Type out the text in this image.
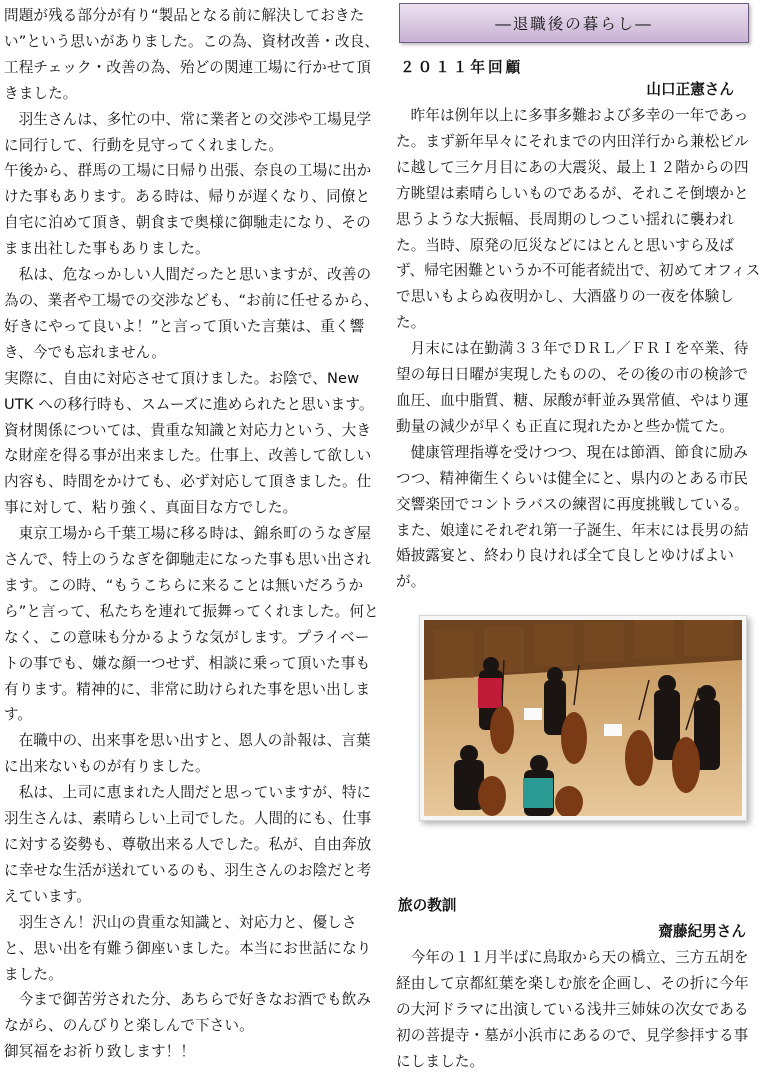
問題が残る部分が有り“製品となる前に解決しておきたい”という思いがありました。この為、資材改善・改良、工程チェック・改善の為、殆どの関連工場に行かせて頂きました。

羽生さんは、多忙の中、常に業者との交渉や工場見学に同行して、行動を見守ってくれました。

午後から、群馬の工場に日帰り出張、奈良の工場に出かけた事もあります。ある時は、帰りが遅くなり、同僚と自宅に泊めて頂き、朝食まで奥様に御馳走になり、そのまま出社した事もありました。

私は、危なっかしい人間だったと思いますが、改善の為の、業者や工場での交渉なども、“お前に任せるから、好きにやって良いよ！”と言って頂いた言葉は、重く響き、今でも忘れません。

実際に、自由に対応させて頂けました。お陰で、New UTK への移行時も、スムーズに進められたと思います。資材関係については、貴重な知識と対応力という、大きな財産を得る事が出来ました。仕事上、改善して欲しい内容も、時間をかけても、必ず対応して頂きました。仕事に対して、粘り強く、真面目な方でした。

東京工場から千葉工場に移る時は、錦糸町のうなぎ屋さんで、特上のうなぎを御馳走になった事も思い出されます。この時、“もうこちらに来ることは無いだろうから”と言って、私たちを連れて振舞ってくれました。何となく、この意味も分かるような気がします。プライベートの事でも、嫌な顔一つせず、相談に乗って頂いた事も有ります。精神的に、非常に助けられた事を思い出します。

在職中の、出来事を思い出すと、恩人の訃報は、言葉に出来ないものが有りました。

私は、上司に恵まれた人間だと思っていますが、特に羽生さんは、素晴らしい上司でした。人間的にも、仕事に対する姿勢も、尊敬出来る人でした。私が、自由奔放に幸せな生活が送れているのも、羽生さんのお陰だと考えています。

羽生さん！沢山の貴重な知識と、対応力と、優しさと、思い出を有難う御座いました。本当にお世話になりました。

今まで御苦労された分、あちらで好きなお酒でも飲みながら、のんびりと楽しんで下さい。

御冥福をお祈り致します！！

―退職後の暮らし―
２０１１年回顧
山口正憲さん

昨年は例年以上に多事多難および多幸の一年であった。まず新年早々にそれまでの内田洋行から兼松ビルに越して三ケ月目にあの大震災、最上１２階からの四方眺望は素晴らしいものであるが、それこそ倒壊かと思うような大振幅、長周期のしつこい揺れに襲われた。当時、原発の厄災などにはとんと思いすら及ばず、帰宅困難というか不可能者続出で、初めてオフィスで思いもよらぬ夜明かし、大酒盛りの一夜を体験した。

月末には在勤満３３年でＤＲＬ／ＦＲＩを卒業、待望の毎日日曜が実現したものの、その後の市の検診で血圧、血中脂質、糖、尿酸が軒並み異常値、やはり運動量の減少が早くも正直に現れたかと些か慌てた。

健康管理指導を受けつつ、現在は節酒、節食に励みつつ、精神衛生くらいは健全にと、県内のとある市民交響楽団でコントラバスの練習に再度挑戦している。また、娘達にそれぞれ第一子誕生、年末には長男の結婚披露宴と、終わり良ければ全て良しとゆけばよいが。

旅の教訓
齋藤紀男さん

今年の１１月半ばに鳥取から天の橋立、三方五胡を経由して京都紅葉を楽しむ旅を企画し、その折に今年の大河ドラマに出演している浅井三姉妹の次女である初の菩提寺・墓が小浜市にあるので、見学参拝する事にしました。
